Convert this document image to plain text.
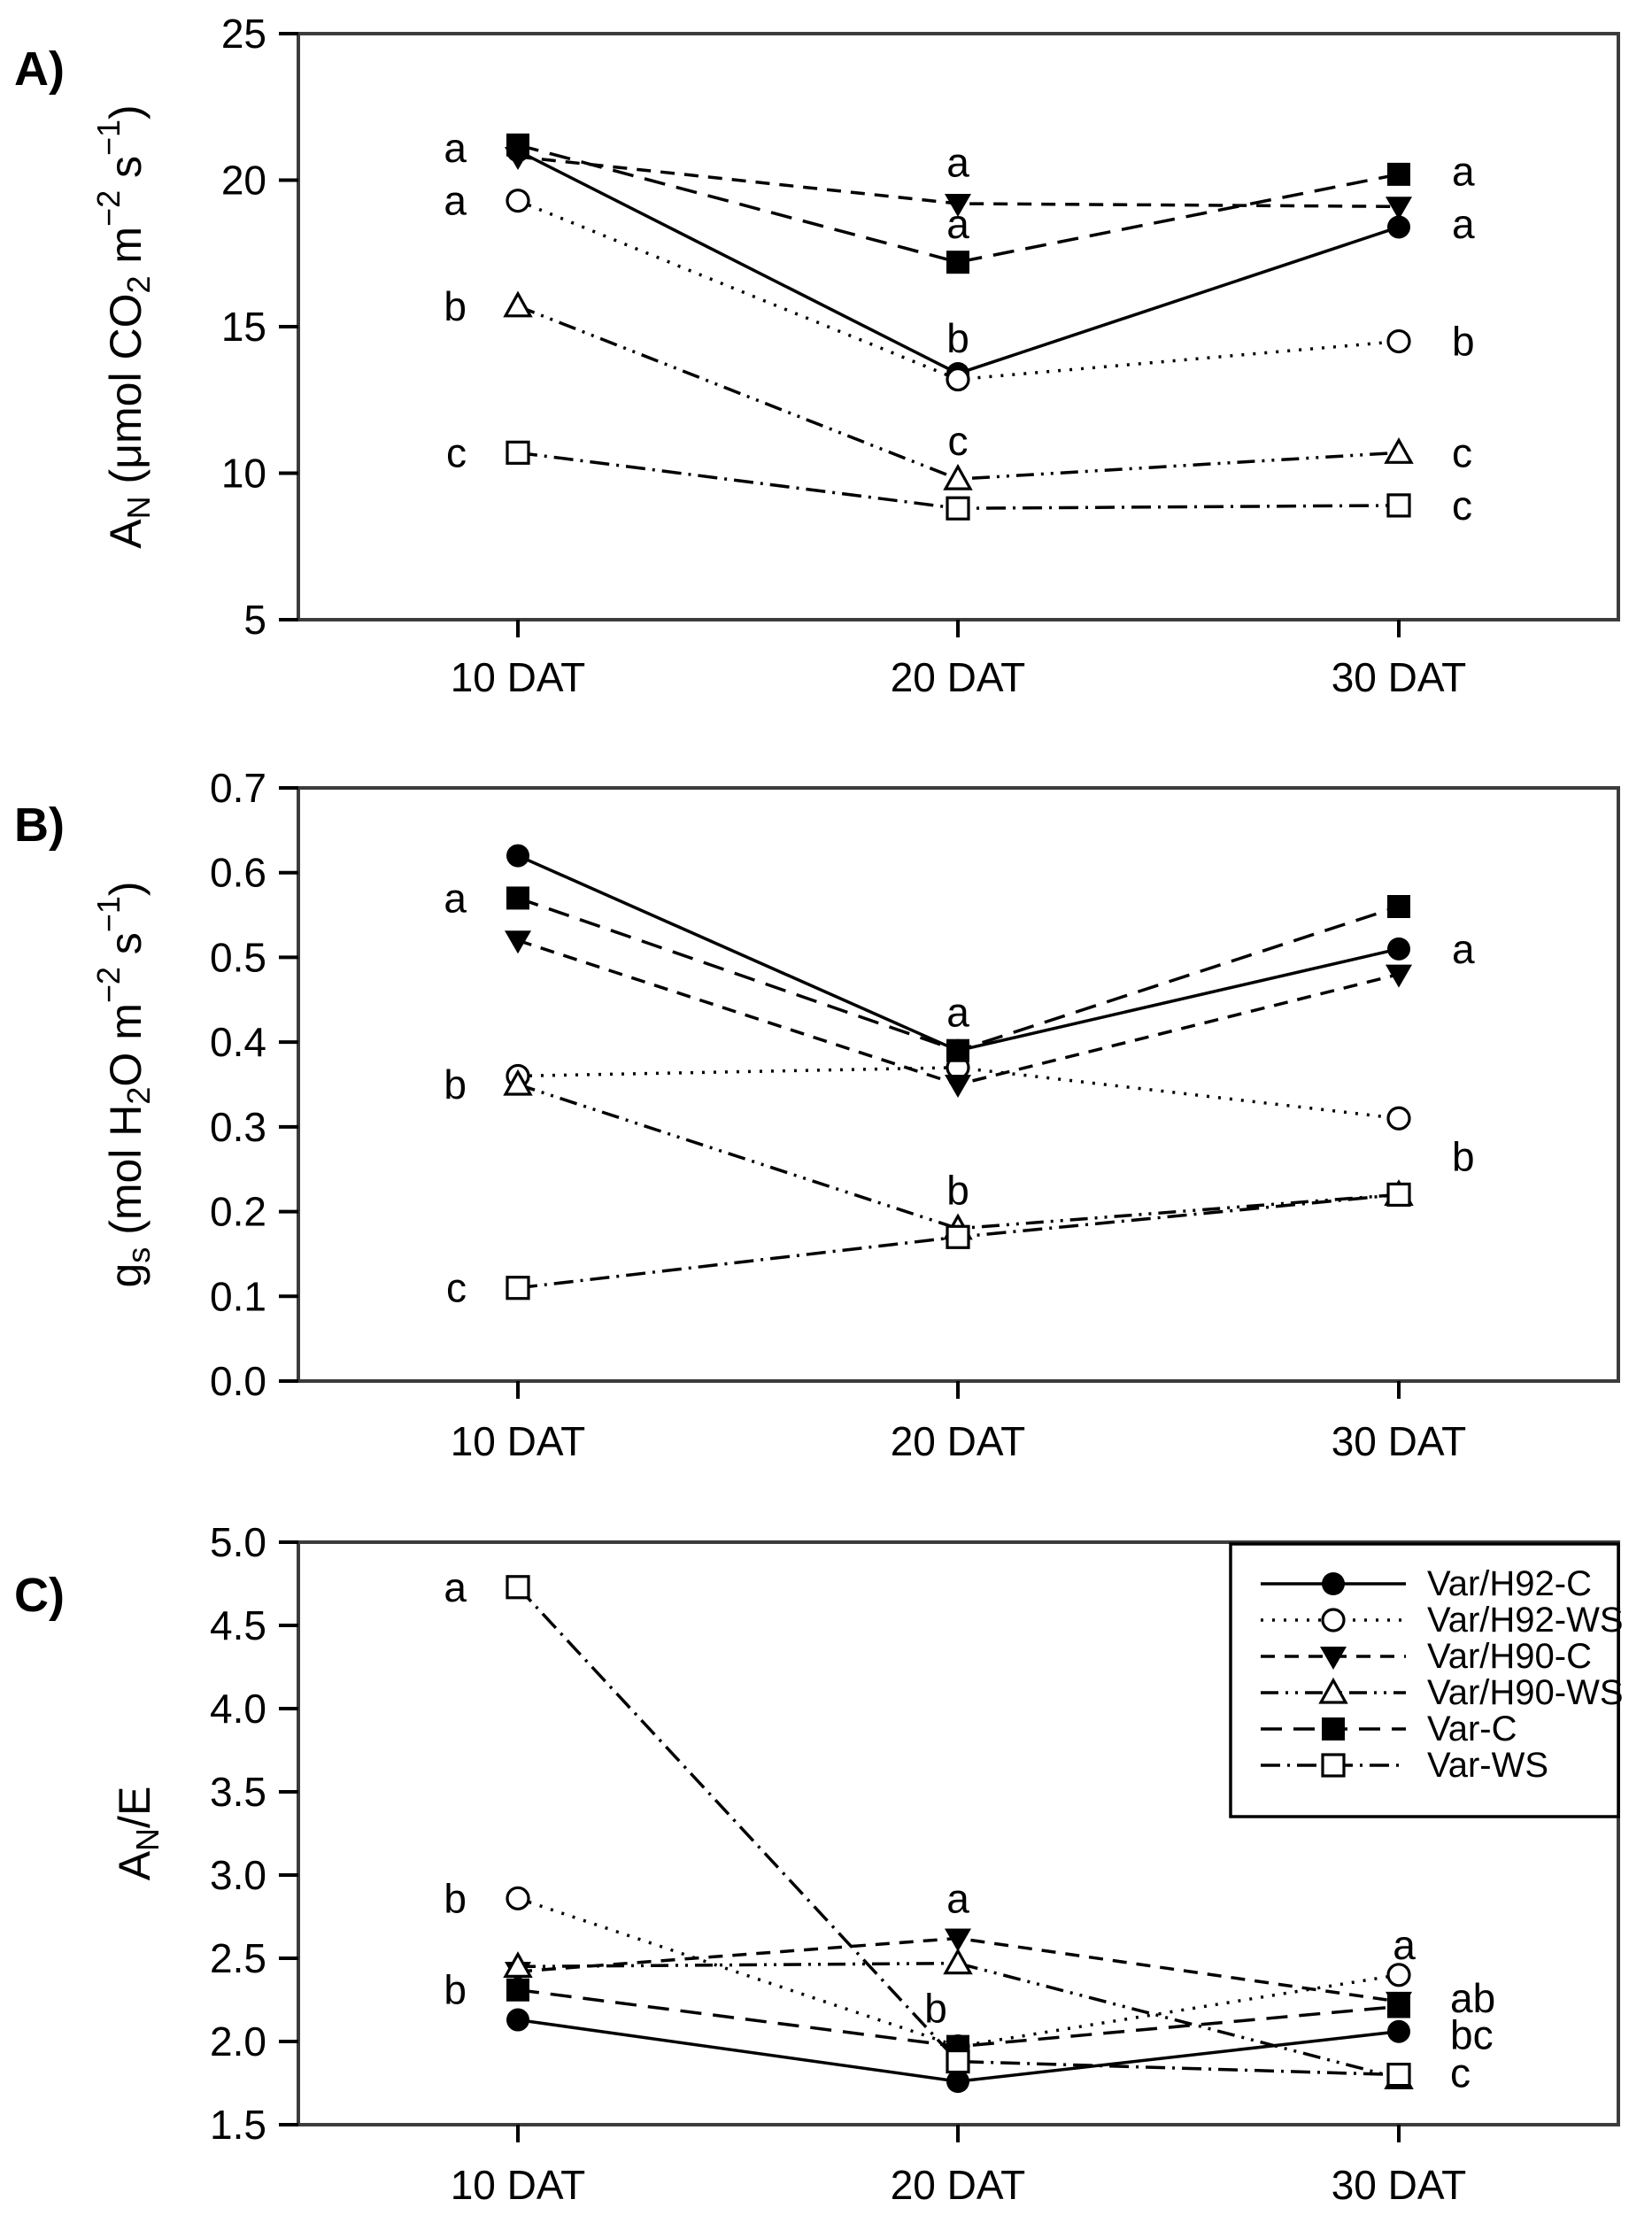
25
20
15
10
5
10 DAT	20 DAT	30 DAT
$A_N$ (μmol $CO_2$ $m^{-2}$ $s^{-1}$)
A)
a
a
b
c
a
a
b
c
a
a
b
c
c
0.7
0.6
0.5
0.4
0.3
0.2
0.1
0.0
10 DAT	20 DAT	30 DAT
$g_s$ (mol $H_2O$ $m^{-2}$ $s^{-1}$)
B)
a
b
c
a
b
a
b
5.0
4.5
4.0
3.5
3.0
2.5
2.0
1.5
10 DAT	20 DAT	30 DAT
$A_N/E$
C)	a
b
b
a
b
a
ab
bc
c
Var/H92-C
Var/H92-WS
Var/H90-C
Var/H90-WS
Var-C
Var-WS
